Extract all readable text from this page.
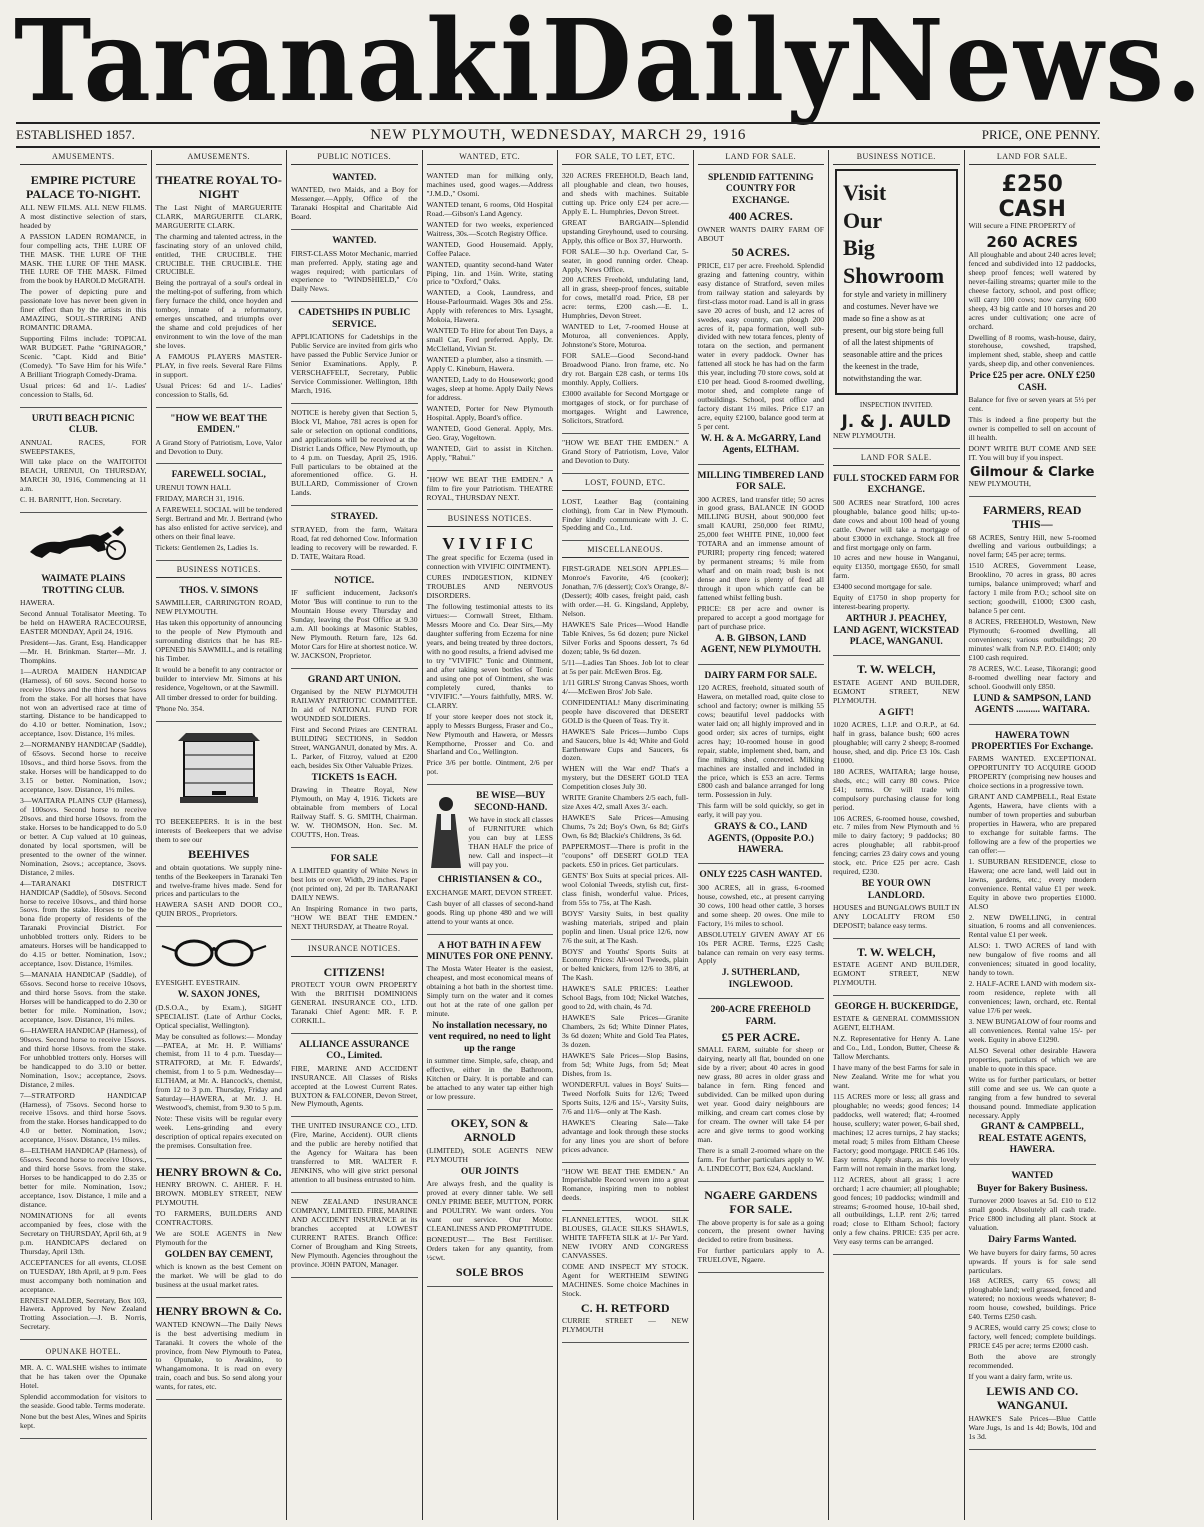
Taranaki Daily News.
ESTABLISHED 1857.	NEW PLYMOUTH, WEDNESDAY, MARCH 29, 1916	PRICE, ONE PENNY.
AMUSEMENTS.
EMPIRE PICTURE PALACE TO-NIGHT.

ALL NEW FILMS. ALL NEW FILMS. A most distinctive selection of stars, headed by

A PASSION LADEN ROMANCE, in four compelling acts, THE LURE OF THE MASK. THE LURE OF THE MASK. THE LURE OF THE MASK. THE LURE OF THE MASK. Filmed from the book by HAROLD McGRATH.

The power of depicting pure and passionate love has never been given in finer effect than by the artists in this AMAZING, SOUL-STIRRING AND ROMANTIC DRAMA.

Supporting Films include: TOPICAL WAR BUDGET. Pathe "GRINAGOR," Scenic. "Capt. Kidd and Bitie" (Comedy). "To Save Him for his Wife." A Brilliant Triograph Comedy-Drama.

Usual prices: 6d and 1/-. Ladies' concession to Stalls, 6d.

URUTI BEACH PICNIC CLUB.

ANNUAL RACES, FOR SWEEPSTAKES,

Will take place on the WAITOITOI BEACH, URENUI, On THURSDAY, MARCH 30, 1916, Commencing at 11 a.m.

C. H. BARNITT, Hon. Secretary.

WAIMATE PLAINS TROTTING CLUB.

HAWERA.

Second Annual Totalisator Meeting. To be held on HAWERA RACECOURSE, EASTER MONDAY, April 24, 1916.

President—Jas. Grant, Esq. Handicapper—Mr. H. Brinkman. Starter—Mr. J. Thompkins.

1—AUROA MAIDEN HANDICAP (Harness), of 60 sovs. Second horse to receive 10sovs and the third horse 5sovs from the stake. For all horses that have not won an advertised race at time of starting. Distance to be handicapped to do 4.10 or better. Nomination, 1sov.; acceptance, 1sov. Distance, 1½ miles.

2—NORMANBY HANDICAP (Saddle), of 65sovs. Second horse to receive 10sovs., and third horse 5sovs. from the stake. Horses will be handicapped to do 3.15 or better. Nomination, 1sov.; acceptance, 1sov. Distance, 1½ miles.

3—WAITARA PLAINS CUP (Harness), of 100sovs. Second horse to receive 20sovs. and third horse 10sovs. from the stake. Horses to be handicapped to do 5.0 or better. A Cup valued at 10 guineas, donated by local sportsmen, will be presented to the owner of the winner. Nomination, 2sovs.; acceptance, 3sovs. Distance, 2 miles.

4—TARANAKI DISTRICT HANDICAP (Saddle), of 50sovs. Second horse to receive 10sovs., and third horse 5sovs. from the stake. Horses to be the bona fide property of residents of the Taranaki Provincial District. For unhobbled trotters only. Riders to be amateurs. Horses will be handicapped to do 4.15 or better. Nomination, 1sov.; acceptance, 1sov. Distance, 1½miles.

5—MANAIA HANDICAP (Saddle), of 65sovs. Second horse to receive 10sovs, and third horse 5sovs. from the stake. Horses will be handicapped to do 2.30 or better for mile. Nomination, 1sov.; acceptance, 1sov. Distance, 1½ miles.

6—HAWERA HANDICAP (Harness), of 90sovs. Second horse to receive 15sovs. and third horse 10sovs. from the stake. For unhobbled trotters only. Horses will be handicapped to do 3.10 or better. Nomination, 1sov.; acceptance, 2sovs. Distance, 2 miles.

7—STRATFORD HANDICAP (Harness), of 75sovs. Second horse to receive 15sovs. and third horse 5sovs. from the stake. Horses handicapped to do 4.0 or better. Nomination, 1sov.; acceptance, 1½sov. Distance, 1½ miles.

8—ELTHAM HANDICAP (Harness), of 65sovs. Second horse to receive 10sovs., and third horse 5sovs. from the stake. Horses to be handicapped to do 2.35 or better for mile. Nomination, 1sov.; acceptance, 1sov. Distance, 1 mile and a distance.

NOMINATIONS for all events accompanied by fees, close with the Secretary on THURSDAY, April 6th, at 9 p.m. HANDICAPS declared on Thursday, April 13th.

ACCEPTANCES for all events, CLOSE on TUESDAY, 18th April, at 9 p.m. Fees must accompany both nomination and acceptance.

ERNEST NALDER, Secretary, Box 103, Hawera. Approved by New Zealand Trotting Association.—J. B. Norris, Secretary.

OPUNAKE HOTEL.

MR. A. C. WALSHE wishes to intimate that he has taken over the Opunake Hotel.

Splendid accommodation for visitors to the seaside. Good table. Terms moderate.

None but the best Ales, Wines and Spirits kept.

AMUSEMENTS.
THEATRE ROYAL TO-NIGHT

The Last Night of MARGUERITE CLARK, MARGUERITE CLARK, MARGUERITE CLARK.

The charming and talented actress, in the fascinating story of an unloved child, entitled, THE CRUCIBLE. THE CRUCIBLE. THE CRUCIBLE. THE CRUCIBLE.

Being the portrayal of a soul's ordeal in the melting-pot of suffering, from which fiery furnace the child, once hoyden and tomboy, inmate of a reformatory, emerges unscathed, and triumphs over the shame and cold prejudices of her environment to win the love of the man she loves.

A FAMOUS PLAYERS MASTER-PLAY, in five reels. Several Rare Films in support.

Usual Prices: 6d and 1/-. Ladies' concession to Stalls, 6d.

"HOW WE BEAT THE EMDEN."

A Grand Story of Patriotism, Love, Valor and Devotion to Duty.

FAREWELL SOCIAL,

URENUI TOWN HALL

FRIDAY, MARCH 31, 1916.

A FAREWELL SOCIAL will be tendered Sergt. Bertrand and Mr. J. Bertrand (who has also enlisted for active service), and others on their final leave.

Tickets: Gentlemen 2s, Ladies 1s.

BUSINESS NOTICES.
THOS. V. SIMONS

SAWMILLER, CARRINGTON ROAD, NEW PLYMOUTH.

Has taken this opportunity of announcing to the people of New Plymouth and surrounding districts that he has RE-OPENED his SAWMILL, and is retailing his Timber.

It would be a benefit to any contractor or builder to interview Mr. Simons at his residence, Vogeltown, or at the Sawmill.

All timber dressed to order for building.

'Phone No. 354.

TO BEEKEEPERS. It is in the best interests of Beekeepers that we advise them to see our

BEEHIVES

and obtain quotations. We supply nine-tenths of the Beekeepers in Taranaki Ten and twelve-frame hives made. Send for prices and particulars to the

HAWERA SASH AND DOOR CO., QUIN BROS., Proprietors.

EYESIGHT. EYESTRAIN.

W. SAXON JONES,

(D.S.O.A., by Exam.), SIGHT SPECIALIST. (Late of Arthur Cocks, Optical specialist, Wellington).

May be consulted as follows:— Monday—PATEA, at Mr. H. P. Williams' chemist, from 11 to 4 p.m. Tuesday—STRATFORD, at Mr. F. Edwards', chemist, from 1 to 5 p.m. Wednesday—ELTHAM, at Mr. A. Hancock's, chemist, from 12 to 3 p.m. Thursday, Friday and Saturday—HAWERA, at Mr. J. H. Westwood's, chemist, from 9.30 to 5 p.m.

Note: These visits will be regular every week. Lens-grinding and every description of optical repairs executed on the premises. Consultation free.

HENRY BROWN & Co.

HENRY BROWN. C. AHIER. F. H. BROWN. MOBLEY STREET, NEW PLYMOUTH.

TO FARMERS, BUILDERS AND CONTRACTORS.

We are SOLE AGENTS in New Plymouth for the

GOLDEN BAY CEMENT,

which is known as the best Cement on the market. We will be glad to do business at the usual market rates.

HENRY BROWN & Co.

WANTED KNOWN—The Daily News is the best advertising medium in Taranaki. It covers the whole of the province, from New Plymouth to Patea, to Opunake, to Awakino, to Whangamomona. It is read on every train, coach and bus. So send along your wants, for rates, etc.

PUBLIC NOTICES.
WANTED.

WANTED, two Maids, and a Boy for Messenger.—Apply, Office of the Taranaki Hospital and Charitable Aid Board.

WANTED.

FIRST-CLASS Motor Mechanic, married man preferred. Apply, stating age and wages required; with particulars of experience to "WINDSHIELD," C/o Daily News.

CADETSHIPS IN PUBLIC SERVICE.

APPLICATIONS for Cadetships in the Public Service are invited from girls who have passed the Public Service Junior or Senior Examinations. Apply, P. VERSCHAFFELT, Secretary, Public Service Commissioner. Wellington, 18th March, 1916.

NOTICE is hereby given that Section 5, Block VI, Mahoe, 781 acres is open for sale or selection on optional conditions, and applications will be received at the District Lands Office, New Plymouth, up to 4 p.m. on Tuesday, April 25, 1916. Full particulars to be obtained at the aforementioned office. G. H. BULLARD, Commissioner of Crown Lands.

STRAYED.

STRAYED, from the farm, Waitara Road, fat red dehorned Cow. Information leading to recovery will be rewarded. F. D. TATE, Waitara Road.

NOTICE.

IF sufficient inducement, Jackson's Motor 'Bus will continue to run to the Mountain House every Thursday and Sunday, leaving the Post Office at 9.30 a.m. All bookings at Masonic Stables, New Plymouth. Return fare, 12s 6d. Motor Cars for Hire at shortest notice. W. W. JACKSON, Proprietor.

GRAND ART UNION.

Organised by the NEW PLYMOUTH RAILWAY PATRIOTIC COMMITTEE. In aid of NATIONAL FUND FOR WOUNDED SOLDIERS.

First and Second Prizes are CENTRAL BUILDING SECTIONS, in Seddon Street, WANGANUI, donated by Mrs. A. L. Parker, of Fitzroy, valued at £200 each, besides Six Other Valuable Prizes.

TICKETS 1s EACH.

Drawing in Theatre Royal, New Plymouth, on May 4, 1916. Tickets are obtainable from members of Local Railway Staff. S. G. SMITH, Chairman. W. W. THOMSON, Hon. Sec. M. COUTTS, Hon. Treas.

FOR SALE

A LIMITED quantity of White News in best lots or over. Width, 29 inches. Paper (not printed on), 2d per lb. TARANAKI DAILY NEWS.

An Inspiring Romance in two parts, "HOW WE BEAT THE EMDEN." NEXT THURSDAY, at Theatre Royal.

INSURANCE NOTICES.
CITIZENS!

PROTECT YOUR OWN PROPERTY With the BRITISH DOMINIONS GENERAL INSURANCE CO., LTD. Taranaki Chief Agent: MR. F. P. CORKILL.

ALLIANCE ASSURANCE CO., Limited.

FIRE, MARINE AND ACCIDENT INSURANCE. All Classes of Risks accepted at the Lowest Current Rates. BUXTON & FALCONER, Devon Street, New Plymouth, Agents.

THE UNITED INSURANCE CO., LTD. (Fire, Marine, Accident). OUR clients and the public are hereby notified that the Agency for Waitara has been transferred to MR. WALTER F. JENKINS, who will give strict personal attention to all business entrusted to him.

NEW ZEALAND INSURANCE COMPANY, LIMITED. FIRE, MARINE AND ACCIDENT INSURANCE at its branches accepted at LOWEST CURRENT RATES. Branch Office: Corner of Brougham and King Streets, New Plymouth. Agencies throughout the province. JOHN PATON, Manager.

WANTED, ETC.

WANTED man for milking only, machines used, good wages.—Address "J.M.D.," Osomi.

WANTED tenant, 6 rooms, Old Hospital Road.—Gibson's Land Agency.

WANTED for two weeks, experienced Waitress, 30s.—Scotch Registry Office.

WANTED, Good Housemaid. Apply, Coffee Palace.

WANTED, quantity second-hand Water Piping, 1in. and 1½in. Write, stating price to "Oxford," Oaks.

WANTED, a Cook, Laundress, and House-Parlourmaid. Wages 30s and 25s. Apply with references to Mrs. Lysaght, Mokoia, Hawera.

WANTED To Hire for about Ten Days, a small Car, Ford preferred. Apply, Dr. McClelland, Vivian St.

WANTED a plumber, also a tinsmith. —Apply C. Kineburn, Hawera.

WANTED, Lady to do Housework; good wages, sleep at home. Apply Daily News for address.

WANTED, Porter for New Plymouth Hospital. Apply, Board's office.

WANTED, Good General. Apply, Mrs. Geo. Gray, Vogeltown.

WANTED, Girl to assist in Kitchen. Apply, "Rahui."

"HOW WE BEAT THE EMDEN." A film to fire your Patriotism. THEATRE ROYAL, THURSDAY NEXT.

BUSINESS NOTICES.
VIVIFIC

The great specific for Eczema (used in connection with VIVIFIC OINTMENT).

CURES INDIGESTION, KIDNEY TROUBLES AND NERVOUS DISORDERS.

The following testimonial attests to its virtues:— Cornwall Street, Eltham. Messrs Moore and Co. Dear Sirs,—My daughter suffering from Eczema for nine years, and being treated by three doctors, with no good results, a friend advised me to try "VIVIFIC" Tonic and Ointment, and after taking seven bottles of Tonic and using one pot of Ointment, she was completely cured, thanks to "VIVIFIC."—Yours faithfully, MRS. W. CLARRY.

If your store keeper does not stock it, apply to Messrs Burgess, Fraser and Co., New Plymouth and Hawera, or Messrs Kempthorne, Prosser and Co. and Sharland and Co., Wellington.

Price 3/6 per bottle. Ointment, 2/6 per pot.

BE WISE—BUY SECOND-HAND.

We have in stock all classes of FURNITURE which you can buy at LESS THAN HALF the price of new. Call and inspect—it will pay you.

CHRISTIANSEN & CO.,

EXCHANGE MART, DEVON STREET.

Cash buyer of all classes of second-hand goods. Ring up phone 480 and we will attend to your wants at once.

A HOT BATH IN A FEW MINUTES FOR ONE PENNY.

The Mosta Water Heater is the easiest, cheapest, and most economical means of obtaining a hot bath in the shortest time. Simply turn on the water and it comes out hot at the rate of one gallon per minute.

No installation necessary, no vent required, no need to light up the range

in summer time. Simple, safe, cheap, and effective, either in the Bathroom, Kitchen or Dairy. It is portable and can be attached to any water tap either high or low pressure.

OKEY, SON & ARNOLD

(LIMITED), SOLE AGENTS NEW PLYMOUTH

OUR JOINTS

Are always fresh, and the quality is proved at every dinner table. We sell ONLY PRIME BEEF, MUTTON, PORK and POULTRY. We want orders. You want our service. Our Motto: CLEANLINESS AND PROMPTITUDE.

BONEDUST— The Best Fertiliser. Orders taken for any quantity, from ½cwt.

SOLE BROS
FOR SALE, TO LET, ETC.

320 ACRES FREEHOLD, Beach land, all ploughable and clean, two houses, and sheds with machines. Suitable cutting up. Price only £24 per acre.—Apply E. L. Humphries, Devon Street.

GREAT BARGAIN—Splendid upstanding Greyhound, used to coursing. Apply, this office or Box 37, Hurworth.

FOR SALE—30 h.p. Overland Car, 5-seater, in good running order. Cheap. Apply, News Office.

200 ACRES Freehold, undulating land, all in grass, sheep-proof fences, suitable for cows, metall'd road. Price, £8 per acre: terms, £200 cash.—E. L. Humphries, Devon Street.

WANTED to Let, 7-roomed House at Moturoa, all conveniences. Apply, Johnstone's Store, Moturoa.

FOR SALE—Good Second-hand Broadwood Piano. Iron frame, etc. No dry rot. Bargain £28 cash, or terms 10s monthly. Apply, Colliers.

£3000 available for Second Mortgage or mortgages of stock, or for purchase of mortgages. Wright and Lawrence, Solicitors, Stratford.

"HOW WE BEAT THE EMDEN." A Grand Story of Patriotism, Love, Valor and Devotion to Duty.

LOST, FOUND, ETC.

LOST, Leather Bag (containing clothing), from Car in New Plymouth. Finder kindly communicate with J. C. Spedding and Co., Ltd.

MISCELLANEOUS.

FIRST-GRADE NELSON APPLES—Monroe's Favorite, 4/6 (cooker); Jonathan, 7/6 (dessert); Cox's Orange, 8/- (Dessert); 40lb cases, freight paid, cash with order.—H. G. Kingsland, Appleby, Nelson.

HAWKE'S Sale Prices—Wood Handle Table Knives, 5s 6d dozen; pure Nickel Silver Forks and Spoons dessert, 7s 6d dozen; table, 9s 6d dozen.

5/11—Ladies Tan Shoes. Job lot to clear at 5s per pair. McEwen Bros. Eg.

1/11 GIRLS' Strong Canvas Shoes, worth 4/-—McEwen Bros' Job Sale.

CONFIDENTIAL! Many discriminating people have discovered that DESERT GOLD is the Queen of Teas. Try it.

HAWKE'S Sale Prices—Jumbo Cups and Saucers, blue 1s 4d; White and Gold Earthenware Cups and Saucers, 6s dozen.

WHEN will the War end? That's a mystery, but the DESERT GOLD TEA Competition closes July 30.

WRITE Granite Chambers 2/5 each, full-size Axes 4/2, small Axes 3/- each.

HAWKE'S Sale Prices—Amusing Chums, 7s 2d; Boy's Own, 6s 8d; Girl's Own, 6s 8d; Blackie's Childrens, 3s 6d.

PAPPERMOST—There is profit in the "coupons" off DESERT GOLD TEA packets. £50 in prices. Get particulars.

GENTS' Box Suits at special prices. All-wool Colonial Tweeds, stylish cut, first-class finish, wonderful value. Prices, from 55s to 75s, at The Kash.

BOYS' Varsity Suits, in best quality washing materials, striped and plain poplin and linen. Usual price 12/6, now 7/6 the suit, at The Kash.

BOYS' and Youths' Sports Suits at Economy Prices: All-wool Tweeds, plain or belted knickers, from 12/6 to 38/6, at The Kash.

HAWKE'S SALE PRICES: Leather School Bags, from 10d; Nickel Watches, good to 2d, with chain, 4s 7d.

HAWKE'S Sale Prices—Granite Chambers, 2s 6d; White Dinner Plates, 3s 6d dozen; White and Gold Tea Plates, 3s dozen.

HAWKE'S Sale Prices—Slop Basins, from 5d; White Jugs, from 5d; Meat Dishes, from 1s.

WONDERFUL values in Boys' Suits—Tweed Norfolk Suits for 12/6; Tweed Sports Suits, 12/6 and 15/-, Varsity Suits, 7/6 and 11/6—only at The Kash.

HAWKE'S Clearing Sale—Take advantage and look through these stocks for any lines you are short of before prices advance.

"HOW WE BEAT THE EMDEN." An Imperishable Record woven into a great Romance, inspiring men to noblest deeds.

FLANNELETTES, WOOL SILK BLOUSES, GLACE SILKS SHAWLS, WHITE TAFFETA SILK at 1/- Per Yard. NEW IVORY AND CONGRESS CANVASSES.

COME AND INSPECT MY STOCK. Agent for WERTHEIM SEWING MACHINES. Some choice Machines in Stock.

C. H. RETFORD

CURRIE STREET — NEW PLYMOUTH

LAND FOR SALE.
SPLENDID FATTENING COUNTRY FOR EXCHANGE.
400 ACRES.

OWNER WANTS DAIRY FARM OF ABOUT

50 ACRES.

PRICE, £17 per acre. Freehold. Splendid grazing and fattening country, within easy distance of Stratford, seven miles from railway station and saleyards by first-class motor road. Land is all in grass save 20 acres of bush, and 12 acres of swedes, easy country, can plough 200 acres of it, papa formation, well sub-divided with new totara fences, plenty of totara on the section, and permanent water in every paddock. Owner has fattened all stock he has had on the farm this year, including 70 store cows, sold at £10 per head. Good 8-roomed dwelling, motor shed, and complete range of outbuildings. School, post office and factory distant 1½ miles. Price £17 an acre, equity £2100, balance good term at 5 per cent.

W. H. & A. McGARRY, Land Agents, ELTHAM.
MILLING TIMBERED LAND FOR SALE.

300 ACRES, land transfer title; 50 acres in good grass, BALANCE IN GOOD MILLING BUSH, about 900,000 feet small KAURI, 250,000 feet RIMU, 25,000 feet WHITE PINE, 10,000 feet TOTARA and an immense amount of PURIRI; property ring fenced; watered by permanent streams; ½ mile from wharf and on main road; bush is not dense and there is plenty of feed all through it upon which cattle can be fattened whilst felling bush.

PRICE: £8 per acre and owner is prepared to accept a good mortgage for part of purchase price.

A. B. GIBSON, LAND AGENT, NEW PLYMOUTH.
DAIRY FARM FOR SALE.

120 ACRES, freehold, situated south of Hawera, on metalled road, quite close to school and factory; owner is milking 55 cows; beautiful level paddocks with water laid on; all highly improved and in good order; six acres of turnips, eight acres hay; 10-roomed house in good repair, stable, implement shed, barn, and fine milking shed, concreted. Milking machines are installed and included in the price, which is £53 an acre. Terms £800 cash and balance arranged for long term. Possession in July.

This farm will be sold quickly, so get in early, it will pay you.

GRAYS & CO., LAND AGENTS, (Opposite P.O.) HAWERA.
ONLY £225 CASH WANTED.

300 ACRES, all in grass, 6-roomed house, cowshed, etc., at present carrying 30 cows, 100 head other cattle, 3 horses and some sheep. 20 owes. One mile to Factory, 1½ miles to school.

ABSOLUTELY GIVEN AWAY AT £6 10s PER ACRE. Terms, £225 Cash; balance can remain on very easy terms. Apply

J. SUTHERLAND, INGLEWOOD.
200-ACRE FREEHOLD FARM.
£5 PER ACRE.

SMALL FARM, suitable for sheep or dairying, nearly all flat, bounded on one side by a river; about 40 acres in good new grass, 80 acres in older grass and balance in fern. Ring fenced and subdivided. Can be milked upon during wet year. Good dairy neighbours are milking, and cream cart comes close by for cream. The owner will take £4 per acre and give terms to good working man.

There is a small 2-roomed whare on the farm. For further particulars apply to W. A. LINDECOTT, Box 624, Auckland.

NGAERE GARDENS FOR SALE.

The above property is for sale as a going concern, the present owner having decided to retire from business.

For further particulars apply to A. TRUELOVE, Ngaere.

BUSINESS NOTICE.
Visit
Our
Big
Showroom
for style and variety in millinery and costumes. Never have we made so fine a show as at present, our big store being full of all the latest shipments of seasonable attire and the prices the keenest in the trade, notwithstanding the war.
INSPECTION INVITED.
J. & J. AULD

NEW PLYMOUTH.

LAND FOR SALE.
FULL STOCKED FARM FOR EXCHANGE.

500 ACRES near Stratford, 100 acres ploughable, balance good hills; up-to-date cows and about 100 head of young cattle. Owner will take a mortgage of about £3000 in exchange. Stock all free and first mortgage only on farm.

10 acres and new house in Wanganui, equity £1350, mortgage £650, for small farm.

£3400 second mortgage for sale.

Equity of £1750 in shop property for interest-bearing property.

ARTHUR J. PEACHEY, LAND AGENT, WICKSTEAD PLACE, WANGANUI.
T. W. WELCH,

ESTATE AGENT AND BUILDER, EGMONT STREET, NEW PLYMOUTH.

A GIFT!

1020 ACRES, L.I.P. and O.R.P., at 6d. half in grass, balance bush; 600 acres ploughable; will carry 2 sheep; 8-roomed house, shed, and dip. Price £3 10s. Cash £1000.

180 ACRES, WAITARA; large house, sheds, etc.; will carry 80 cows. Price £41; terms. Or will trade with compulsory purchasing clause for long period.

106 ACRES, 6-roomed house, cowshed, etc. 7 miles from New Plymouth and ½ mile to dairy factory; 9 paddocks; 80 acres ploughable; all rabbit-proof fencing; carries 23 dairy cows and young stock, etc. Price £25 per acre. Cash required, £230.

BE YOUR OWN LANDLORD.

HOUSES and BUNGALOWS BUILT IN ANY LOCALITY FROM £50 DEPOSIT; balance easy terms.

T. W. WELCH,

ESTATE AGENT AND BUILDER, EGMONT STREET, NEW PLYMOUTH.

GEORGE H. BUCKERIDGE,

ESTATE & GENERAL COMMISSION AGENT, ELTHAM.

N.Z. Representative for Henry A. Lane and Co., Ltd., London, Butter, Cheese & Tallow Merchants.

I have many of the best Farms for sale in New Zealand. Write me for what you want.

115 ACRES more or less; all grass and ploughable; no weeds; good fences; 14 paddocks, well watered; flat; 4-roomed house, scullery; water power, 6-bail shed, machines; 12 acres turnips, 2 hay stacks; metal road; 5 miles from Eltham Cheese Factory; good mortgage. PRICE £46 10s. Easy terms. Apply sharp, as this lovely Farm will not remain in the market long.

112 ACRES, about all grass; 1 acre orchard; 1 acre chaumier; all ploughable; good fences; 10 paddocks; windmill and streams; 6-roomed house, 10-bail shed, all outbuildings, L.I.P. rent 2/6; tarred road; close to Eltham School; factory only a few chains. PRICE: £35 per acre. Very easy terms can be arranged.

LAND FOR SALE.
£250 CASH

Will secure a FINE PROPERTY of

260 ACRES

All ploughable and about 240 acres level; fenced and subdivided into 12 paddocks, sheep proof fences; well watered by never-failing streams; quarter mile to the cheese factory, school, and post office; will carry 100 cows; now carrying 600 sheep, 43 big cattle and 10 horses and 20 acres under cultivation; one acre of orchard.

Dwelling of 8 rooms, wash-house, dairy, storehouse, cowshed, trapshed, implement shed, stable, sheep and cattle yards, sheep dip, and other conveniences.

Price £25 per acre. ONLY £250 CASH.

Balance for five or seven years at 5½ per cent.

This is indeed a fine property but the owner is compelled to sell on account of ill health.

DON'T WRITE BUT COME AND SEE IT. You will buy if you inspect.

Gilmour & Clarke

NEW PLYMOUTH,

FARMERS, READ THIS—

68 ACRES, Sentry Hill, new 5-roomed dwelling and various outbuildings; a novel farm; £45 per acre; terms.

1510 ACRES, Government Lease, Brooklino, 70 acres in grass, 80 acres turnips, balance unimproved; wharf and factory 1 mile from P.O.; school site on section; goodwill, £1000; £300 cash, balance 5 per cent.

8 ACRES, FREEHOLD, Westown, New Plymouth; 6-roomed dwelling, all conveniences; various outbuildings; 20 minutes' walk from N.P. P.O. £1400; only £100 cash required.

78 ACRES, W.C. Lease, Tikorangi; good 8-roomed dwelling near factory and school. Goodwill only £850.

LUND & SAMPSON, LAND AGENTS .......... WAITARA.
HAWERA TOWN PROPERTIES For Exchange.

FARMS WANTED. EXCEPTIONAL OPPORTUNITY TO ACQUIRE GOOD PROPERTY (comprising new houses and choice sections in a progressive town.

GRANT AND CAMPBELL, Real Estate Agents, Hawera, have clients with a number of town properties and suburban properties in Hawera, who are prepared to exchange for suitable farms. The following are a few of the properties we can offer:—

1. SUBURBAN RESIDENCE, close to Hawera; one acre land, well laid out in lawns, gardens, etc.; every modern convenience. Rental value £1 per week. Equity in above two properties £1000. ALSO

2. NEW DWELLING, in central situation, 6 rooms and all conveniences. Rental value £1 per week.

ALSO: 1. TWO ACRES of land with new bungalow of five rooms and all conveniences; situated in good locality, handy to town.

2. HALF-ACRE LAND with modern six-room residence, replete with all conveniences; lawn, orchard, etc. Rental value 17/6 per week.

3. NEW BUNGALOW of four rooms and all conveniences. Rental value 15/- per week. Equity in above £1290.

ALSO Several other desirable Hawera properties, particulars of which we are unable to quote in this space.

Write us for further particulars, or better still come and see us. We can quote a ranging from a few hundred to several thousand pound. Immediate application necessary. Apply

GRANT & CAMPBELL, REAL ESTATE AGENTS, HAWERA.
WANTED
Buyer for Bakery Business.

Turnover 2000 loaves at 5d. £10 to £12 small goods. Absolutely all cash trade. Price £800 including all plant. Stock at valuation.

Dairy Farms Wanted.

We have buyers for dairy farms, 50 acres upwards. If yours is for sale send particulars.

168 ACRES, carry 65 cows; all ploughable land; well grassed, fenced and watered; no noxious weeds whatever; 8-room house, cowshed, buildings. Price £40. Terms £250 cash.

9 ACRES, would carry 25 cows; close to factory, well fenced; complete buildings. PRICE £45 per acre; terms £2000 cash.

Both the above are strongly recommended.

If you want a dairy farm, write us.

LEWIS AND CO. WANGANUI.

HAWKE'S Sale Prices—Blue Cattle Ware Jugs, 1s and 1s 4d; Bowls, 10d and 1s 3d.
